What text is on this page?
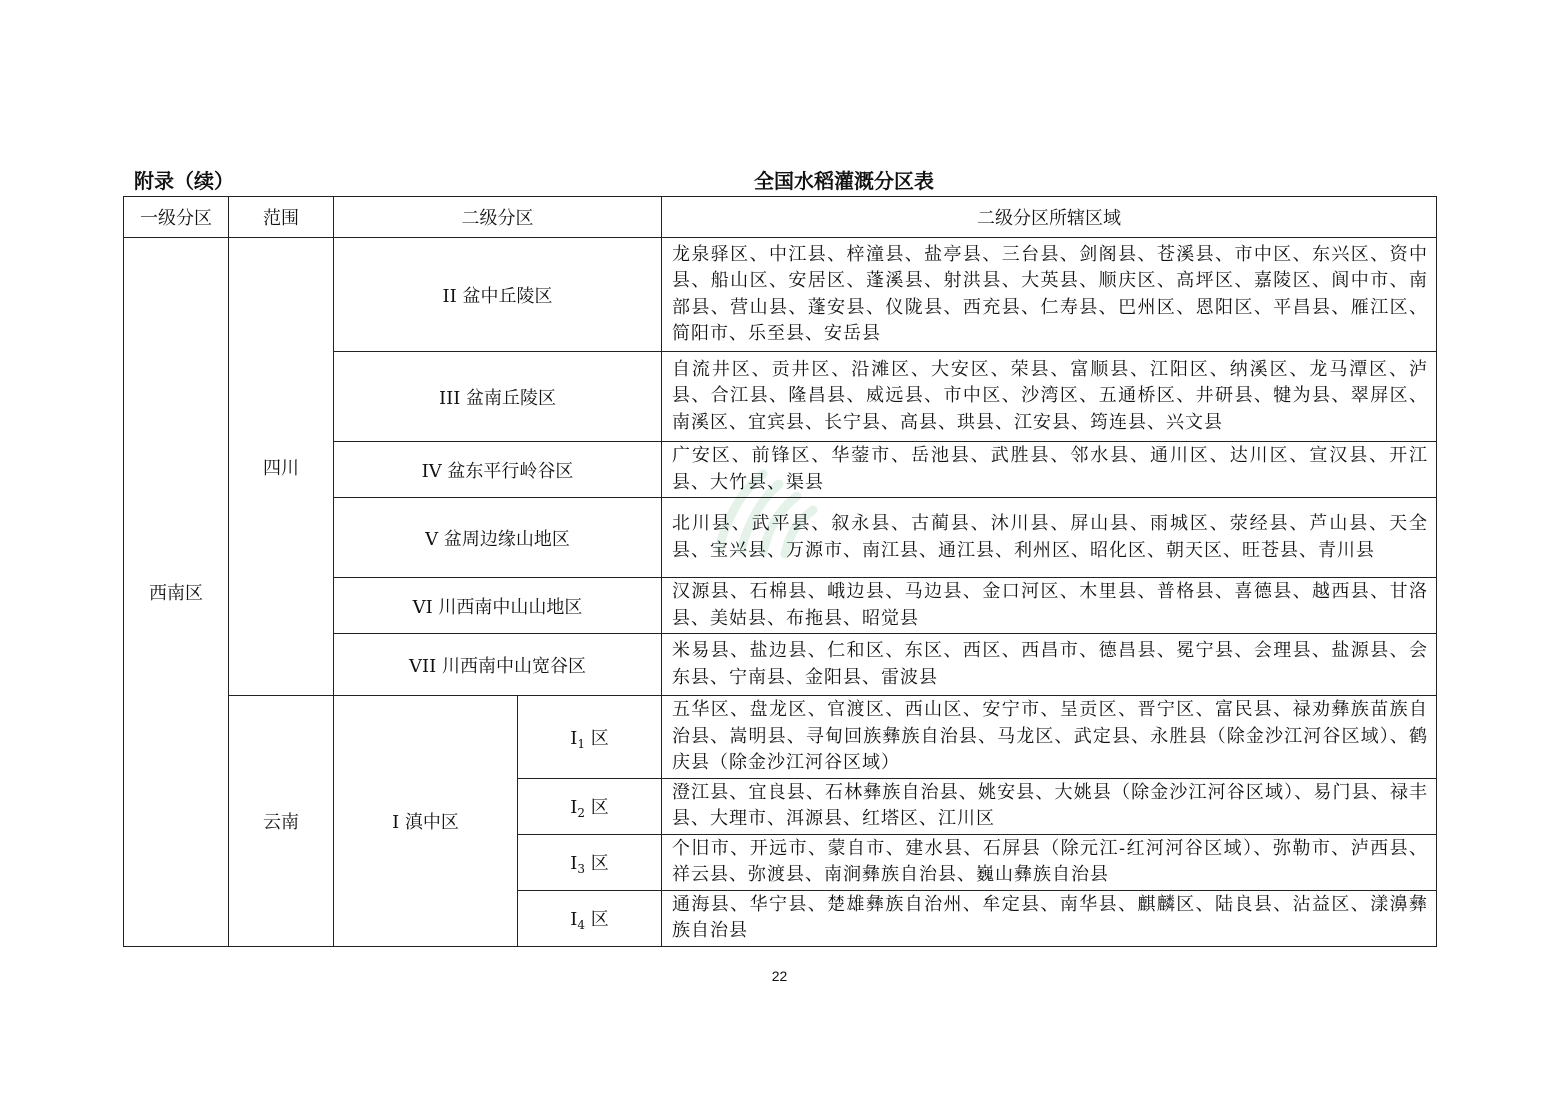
附录（续）	全国水稻灌溉分区表
一级分区	范围	二级分区		二级分区所辖区域
西南区	四川	II 盆中丘陵区		龙泉驿区、中江县、梓潼县、盐亭县、三台县、剑阁县、苍溪县、市中区、东兴区、资中县、船山区、安居区、蓬溪县、射洪县、大英县、顺庆区、高坪区、嘉陵区、阆中市、南部县、营山县、蓬安县、仪陇县、西充县、仁寿县、巴州区、恩阳区、平昌县、雁江区、简阳市、乐至县、安岳县
		III 盆南丘陵区		自流井区、贡井区、沿滩区、大安区、荣县、富顺县、江阳区、纳溪区、龙马潭区、泸县、合江县、隆昌县、威远县、市中区、沙湾区、五通桥区、井研县、犍为县、翠屏区、南溪区、宜宾县、长宁县、高县、珙县、江安县、筠连县、兴文县
		IV 盆东平行岭谷区		广安区、前锋区、华蓥市、岳池县、武胜县、邻水县、通川区、达川区、宣汉县、开江县、大竹县、渠县
		V 盆周边缘山地区		北川县、武平县、叙永县、古蔺县、沐川县、屏山县、雨城区、荥经县、芦山县、天全县、宝兴县、万源市、南江县、通江县、利州区、昭化区、朝天区、旺苍县、青川县
		VI 川西南中山山地区		汉源县、石棉县、峨边县、马边县、金口河区、木里县、普格县、喜德县、越西县、甘洛县、美姑县、布拖县、昭觉县
		VII 川西南中山宽谷区		米易县、盐边县、仁和区、东区、西区、西昌市、德昌县、冕宁县、会理县、盐源县、会东县、宁南县、金阳县、雷波县
	云南	I 滇中区	$I_1$ 区	五华区、盘龙区、官渡区、西山区、安宁市、呈贡区、晋宁区、富民县、禄劝彝族苗族自治县、嵩明县、寻甸回族彝族自治县、马龙区、武定县、永胜县（除金沙江河谷区域）、鹤庆县（除金沙江河谷区域）
			$I_2$ 区	澄江县、宜良县、石林彝族自治县、姚安县、大姚县（除金沙江河谷区域）、易门县、禄丰县、大理市、洱源县、红塔区、江川区
			$I_3$ 区	个旧市、开远市、蒙自市、建水县、石屏县（除元江-红河河谷区域）、弥勒市、泸西县、祥云县、弥渡县、南涧彝族自治县、巍山彝族自治县
			$I_4$ 区	通海县、华宁县、楚雄彝族自治州、牟定县、南华县、麒麟区、陆良县、沾益区、漾濞彝族自治县
22
